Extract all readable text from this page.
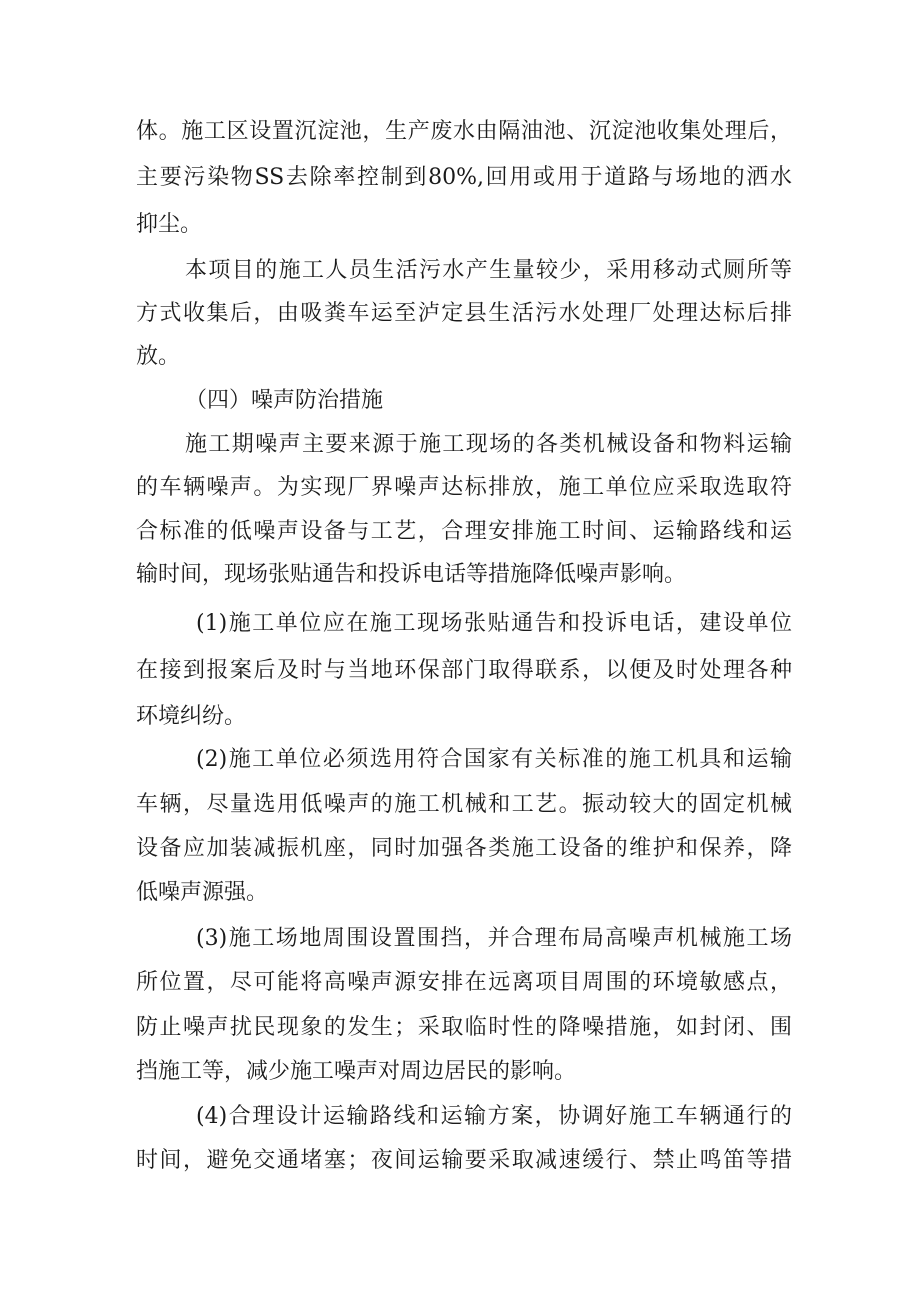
体。施工区设置沉淀池，生产废水由隔油池、沉淀池收集处理后，
主要污染物SS去除率控制到80%,回用或用于道路与场地的洒水
抑尘。
本项目的施工人员生活污水产生量较少，采用移动式厕所等
方式收集后，由吸粪车运至泸定县生活污水处理厂处理达标后排
放。
（四）噪声防治措施
施工期噪声主要来源于施工现场的各类机械设备和物料运输
的车辆噪声。为实现厂界噪声达标排放，施工单位应采取选取符
合标准的低噪声设备与工艺，合理安排施工时间、运输路线和运
输时间，现场张贴通告和投诉电话等措施降低噪声影响。
(1)施工单位应在施工现场张贴通告和投诉电话，建设单位
在接到报案后及时与当地环保部门取得联系，以便及时处理各种
环境纠纷。
(2)施工单位必须选用符合国家有关标准的施工机具和运输
车辆，尽量选用低噪声的施工机械和工艺。振动较大的固定机械
设备应加装减振机座，同时加强各类施工设备的维护和保养，降
低噪声源强。
(3)施工场地周围设置围挡，并合理布局高噪声机械施工场
所位置，尽可能将高噪声源安排在远离项目周围的环境敏感点，
防止噪声扰民现象的发生；采取临时性的降噪措施，如封闭、围
挡施工等，减少施工噪声对周边居民的影响。
(4)合理设计运输路线和运输方案，协调好施工车辆通行的
时间，避免交通堵塞；夜间运输要采取减速缓行、禁止鸣笛等措
